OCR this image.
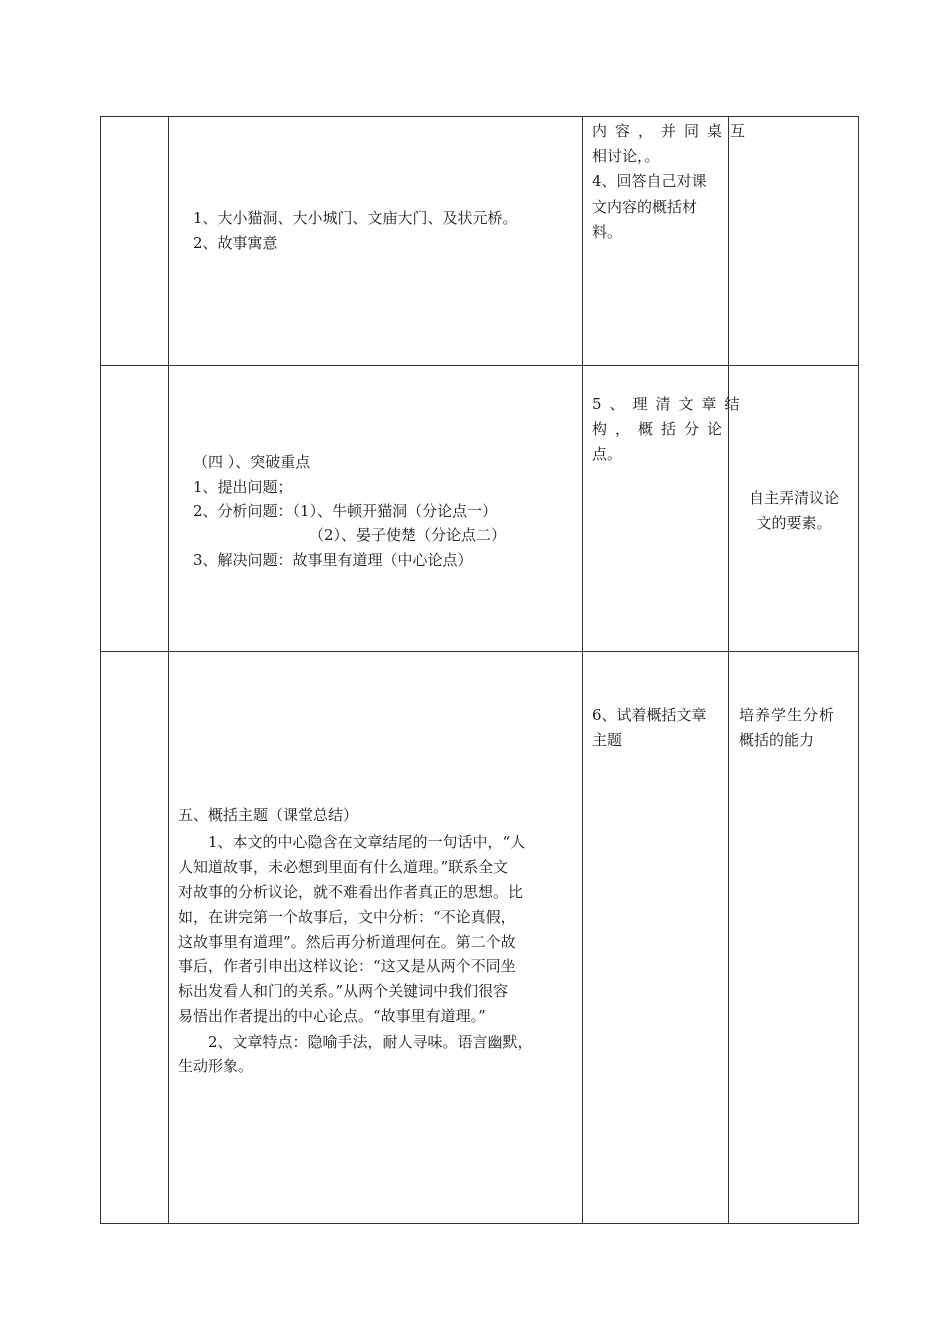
1、大小猫洞、大小城门、文庙大门、及状元桥。
2、故事寓意
内容，并同桌互
相讨论，。
4、回答自己对课
文内容的概括材
料。
（四 ）、突破重点
1、提出问题；
2、分析问题：（1）、牛顿开猫洞（分论点一）
（2）、晏子使楚（分论点二）
3、解决问题：故事里有道理（中心论点）
5、理清文章结
构，概括分论
点。
自主弄清议论
文的要素。
五、概括主题（课堂总结）
1、本文的中心隐含在文章结尾的一句话中，“人
人知道故事，未必想到里面有什么道理。”联系全文
对故事的分析议论，就不难看出作者真正的思想。比
如，在讲完第一个故事后，文中分析：“不论真假，
这故事里有道理”。然后再分析道理何在。第二个故
事后，作者引申出这样议论：“这又是从两个不同坐
标出发看人和门的关系。”从两个关键词中我们很容
易悟出作者提出的中心论点。“故事里有道理。”
2、文章特点：隐喻手法，耐人寻味。语言幽默，
生动形象。
6、试着概括文章
主题
培养学生分析
概括的能力
